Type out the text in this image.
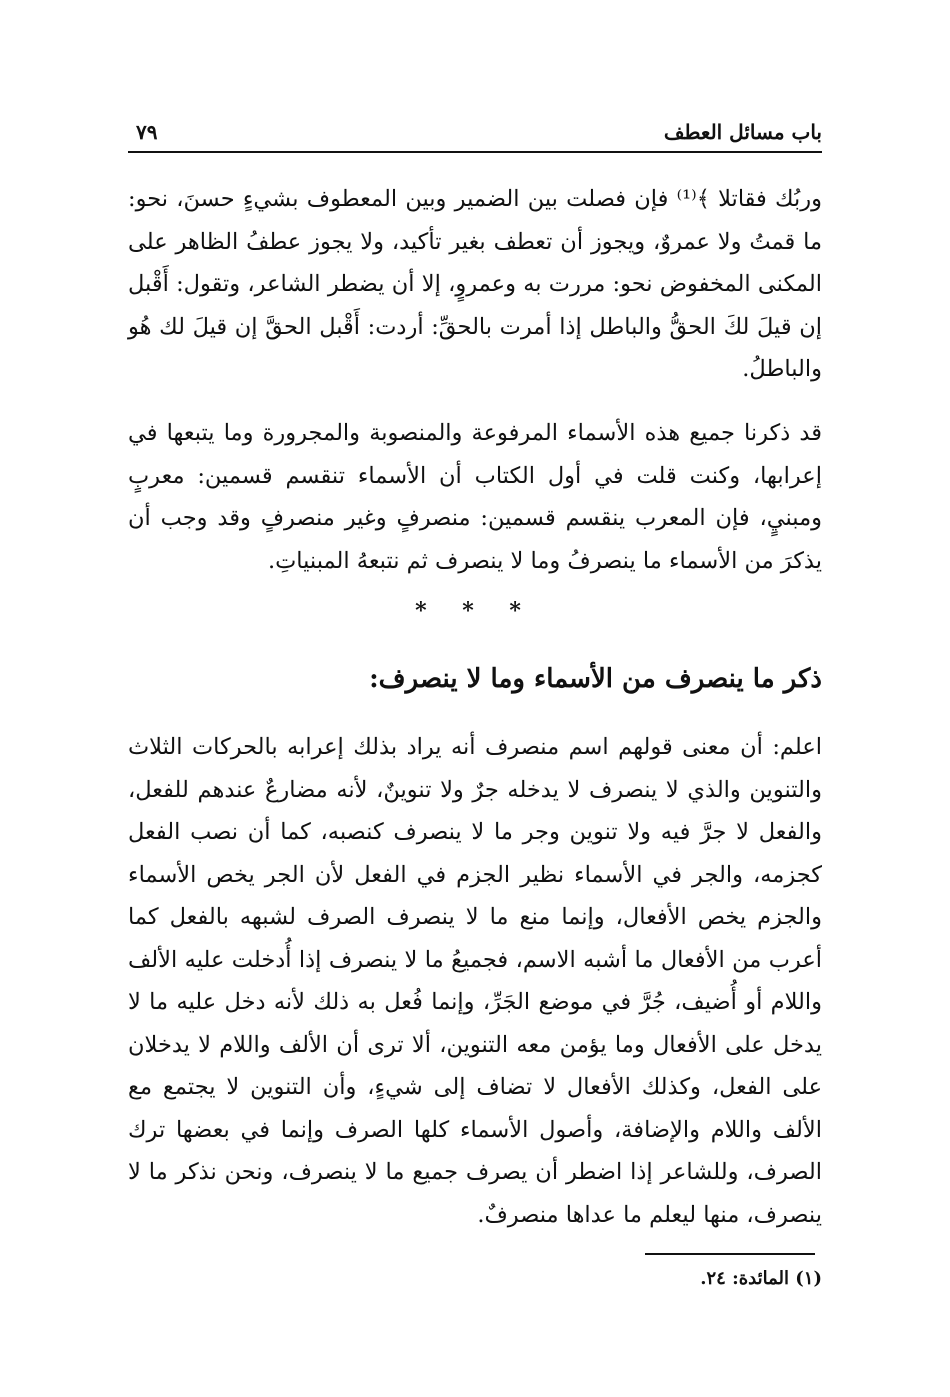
باب مسائل العطف
٧٩

وربُك فقاتلا ﴾⁽¹⁾ فإن فصلت بين الضمير وبين المعطوف بشيءٍ حسنَ، نحو: ما قمتُ ولا عمروٌ، ويجوز أن تعطف بغير تأكيد، ولا يجوز عطفُ الظاهر على المكنى المخفوض نحو: مررت به وعمروٍ، إلا أن يضطر الشاعر، وتقول: أَقْبل إن قيلَ لكَ الحقُّ والباطل إذا أمرت بالحقِّ: أردت: أَقْبل الحقَّ إن قيلَ لك هُو والباطلُ.

قد ذكرنا جميع هذه الأسماء المرفوعة والمنصوبة والمجرورة وما يتبعها في إعرابها، وكنت قلت في أول الكتاب أن الأسماء تنقسم قسمين: معربٍ ومبنيٍ، فإن المعرب ينقسم قسمين: منصرفٍ وغير منصرفٍ وقد وجب أن يذكرَ من الأسماء ما ينصرفُ وما لا ينصرف ثم نتبعهُ المبنياتِ.

* * *
ذكر ما ينصرف من الأسماء وما لا ينصرف:

اعلم: أن معنى قولهم اسم منصرف أنه يراد بذلك إعرابه بالحركات الثلاث والتنوين والذي لا ينصرف لا يدخله جرٌ ولا تنوينٌ، لأنه مضارعٌ عندهم للفعل، والفعل لا جرَّ فيه ولا تنوين وجر ما لا ينصرف كنصبه، كما أن نصب الفعل كجزمه، والجر في الأسماء نظير الجزم في الفعل لأن الجر يخص الأسماء والجزم يخص الأفعال، وإنما منع ما لا ينصرف الصرف لشبهه بالفعل كما أعرب من الأفعال ما أشبه الاسم، فجميعُ ما لا ينصرف إذا أُدخلت عليه الألف واللام أو أُضيف، جُرَّ في موضع الجَرِّ، وإنما فُعل به ذلك لأنه دخل عليه ما لا يدخل على الأفعال وما يؤمن معه التنوين، ألا ترى أن الألف واللام لا يدخلان على الفعل، وكذلك الأفعال لا تضاف إلى شيءٍ، وأن التنوين لا يجتمع مع الألف واللام والإضافة، وأصول الأسماء كلها الصرف وإنما في بعضها ترك الصرف، وللشاعر إذا اضطر أن يصرف جميع ما لا ينصرف، ونحن نذكر ما لا ينصرف، منها ليعلم ما عداها منصرفٌ.

(١) المائدة: ٢٤.
